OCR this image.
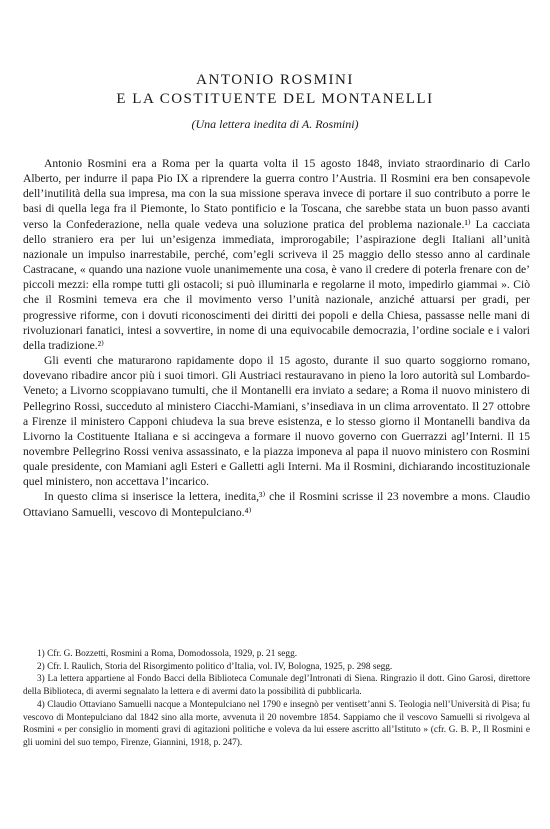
ANTONIO ROSMINI
E LA COSTITUENTE DEL MONTANELLI
(Una lettera inedita di A. Rosmini)

Antonio Rosmini era a Roma per la quarta volta il 15 agosto 1848, inviato straordinario di Carlo Alberto, per indurre il papa Pio IX a riprendere la guerra contro l’Austria. Il Rosmini era ben consapevole dell’inutilità della sua impresa, ma con la sua missione sperava invece di portare il suo contributo a porre le basi di quella lega fra il Piemonte, lo Stato pontificio e la Toscana, che sarebbe stata un buon passo avanti verso la Confederazione, nella quale vedeva una soluzione pratica del problema nazionale.¹⁾ La cacciata dello straniero era per lui un’esigenza immediata, improrogabile; l’aspirazione degli Italiani all’unità nazionale un impulso inarrestabile, perché, com’egli scriveva il 25 maggio dello stesso anno al cardinale Castracane, « quando una nazione vuole unanimemente una cosa, è vano il credere di poterla frenare con de’ piccoli mezzi: ella rompe tutti gli ostacoli; si può illuminarla e regolarne il moto, impedirlo giammai ». Ciò che il Rosmini temeva era che il movimento verso l’unità nazionale, anziché attuarsi per gradi, per progressive riforme, con i dovuti riconoscimenti dei diritti dei popoli e della Chiesa, passasse nelle mani di rivoluzionari fanatici, intesi a sovvertire, in nome di una equivocabile democrazia, l’ordine sociale e i valori della tradizione.²⁾

Gli eventi che maturarono rapidamente dopo il 15 agosto, durante il suo quarto soggiorno romano, dovevano ribadire ancor più i suoi timori. Gli Austriaci restauravano in pieno la loro autorità sul Lombardo-Veneto; a Livorno scoppiavano tumulti, che il Montanelli era inviato a sedare; a Roma il nuovo ministero di Pellegrino Rossi, succeduto al ministero Ciacchi-Mamiani, s’insediava in un clima arroventato. Il 27 ottobre a Firenze il ministero Capponi chiudeva la sua breve esistenza, e lo stesso giorno il Montanelli bandiva da Livorno la Costituente Italiana e si accingeva a formare il nuovo governo con Guerrazzi agl’Interni. Il 15 novembre Pellegrino Rossi veniva assassinato, e la piazza imponeva al papa il nuovo ministero con Rosmini quale presidente, con Mamiani agli Esteri e Galletti agli Interni. Ma il Rosmini, dichiarando incostituzionale quel ministero, non accettava l’incarico.

In questo clima si inserisce la lettera, inedita,³⁾ che il Rosmini scrisse il 23 novembre a mons. Claudio Ottaviano Samuelli, vescovo di Montepulciano.⁴⁾

1) Cfr. G. Bozzetti, Rosmini a Roma, Domodossola, 1929, p. 21 segg.

2) Cfr. I. Raulich, Storia del Risorgimento politico d’Italia, vol. IV, Bologna, 1925, p. 298 segg.

3) La lettera appartiene al Fondo Bacci della Biblioteca Comunale degl’Intronati di Siena. Ringrazio il dott. Gino Garosi, direttore della Biblioteca, di avermi segnalato la lettera e di avermi dato la possibilità di pubblicarla.

4) Claudio Ottaviano Samuelli nacque a Montepulciano nel 1790 e insegnò per ventisett’anni S. Teologia nell’Università di Pisa; fu vescovo di Montepulciano dal 1842 sino alla morte, avvenuta il 20 novembre 1854. Sappiamo che il vescovo Samuelli si rivolgeva al Rosmini « per consiglio in momenti gravi di agitazioni politiche e voleva da lui essere ascritto all’Istituto » (cfr. G. B. P., Il Rosmini e gli uomini del suo tempo, Firenze, Giannini, 1918, p. 247).
